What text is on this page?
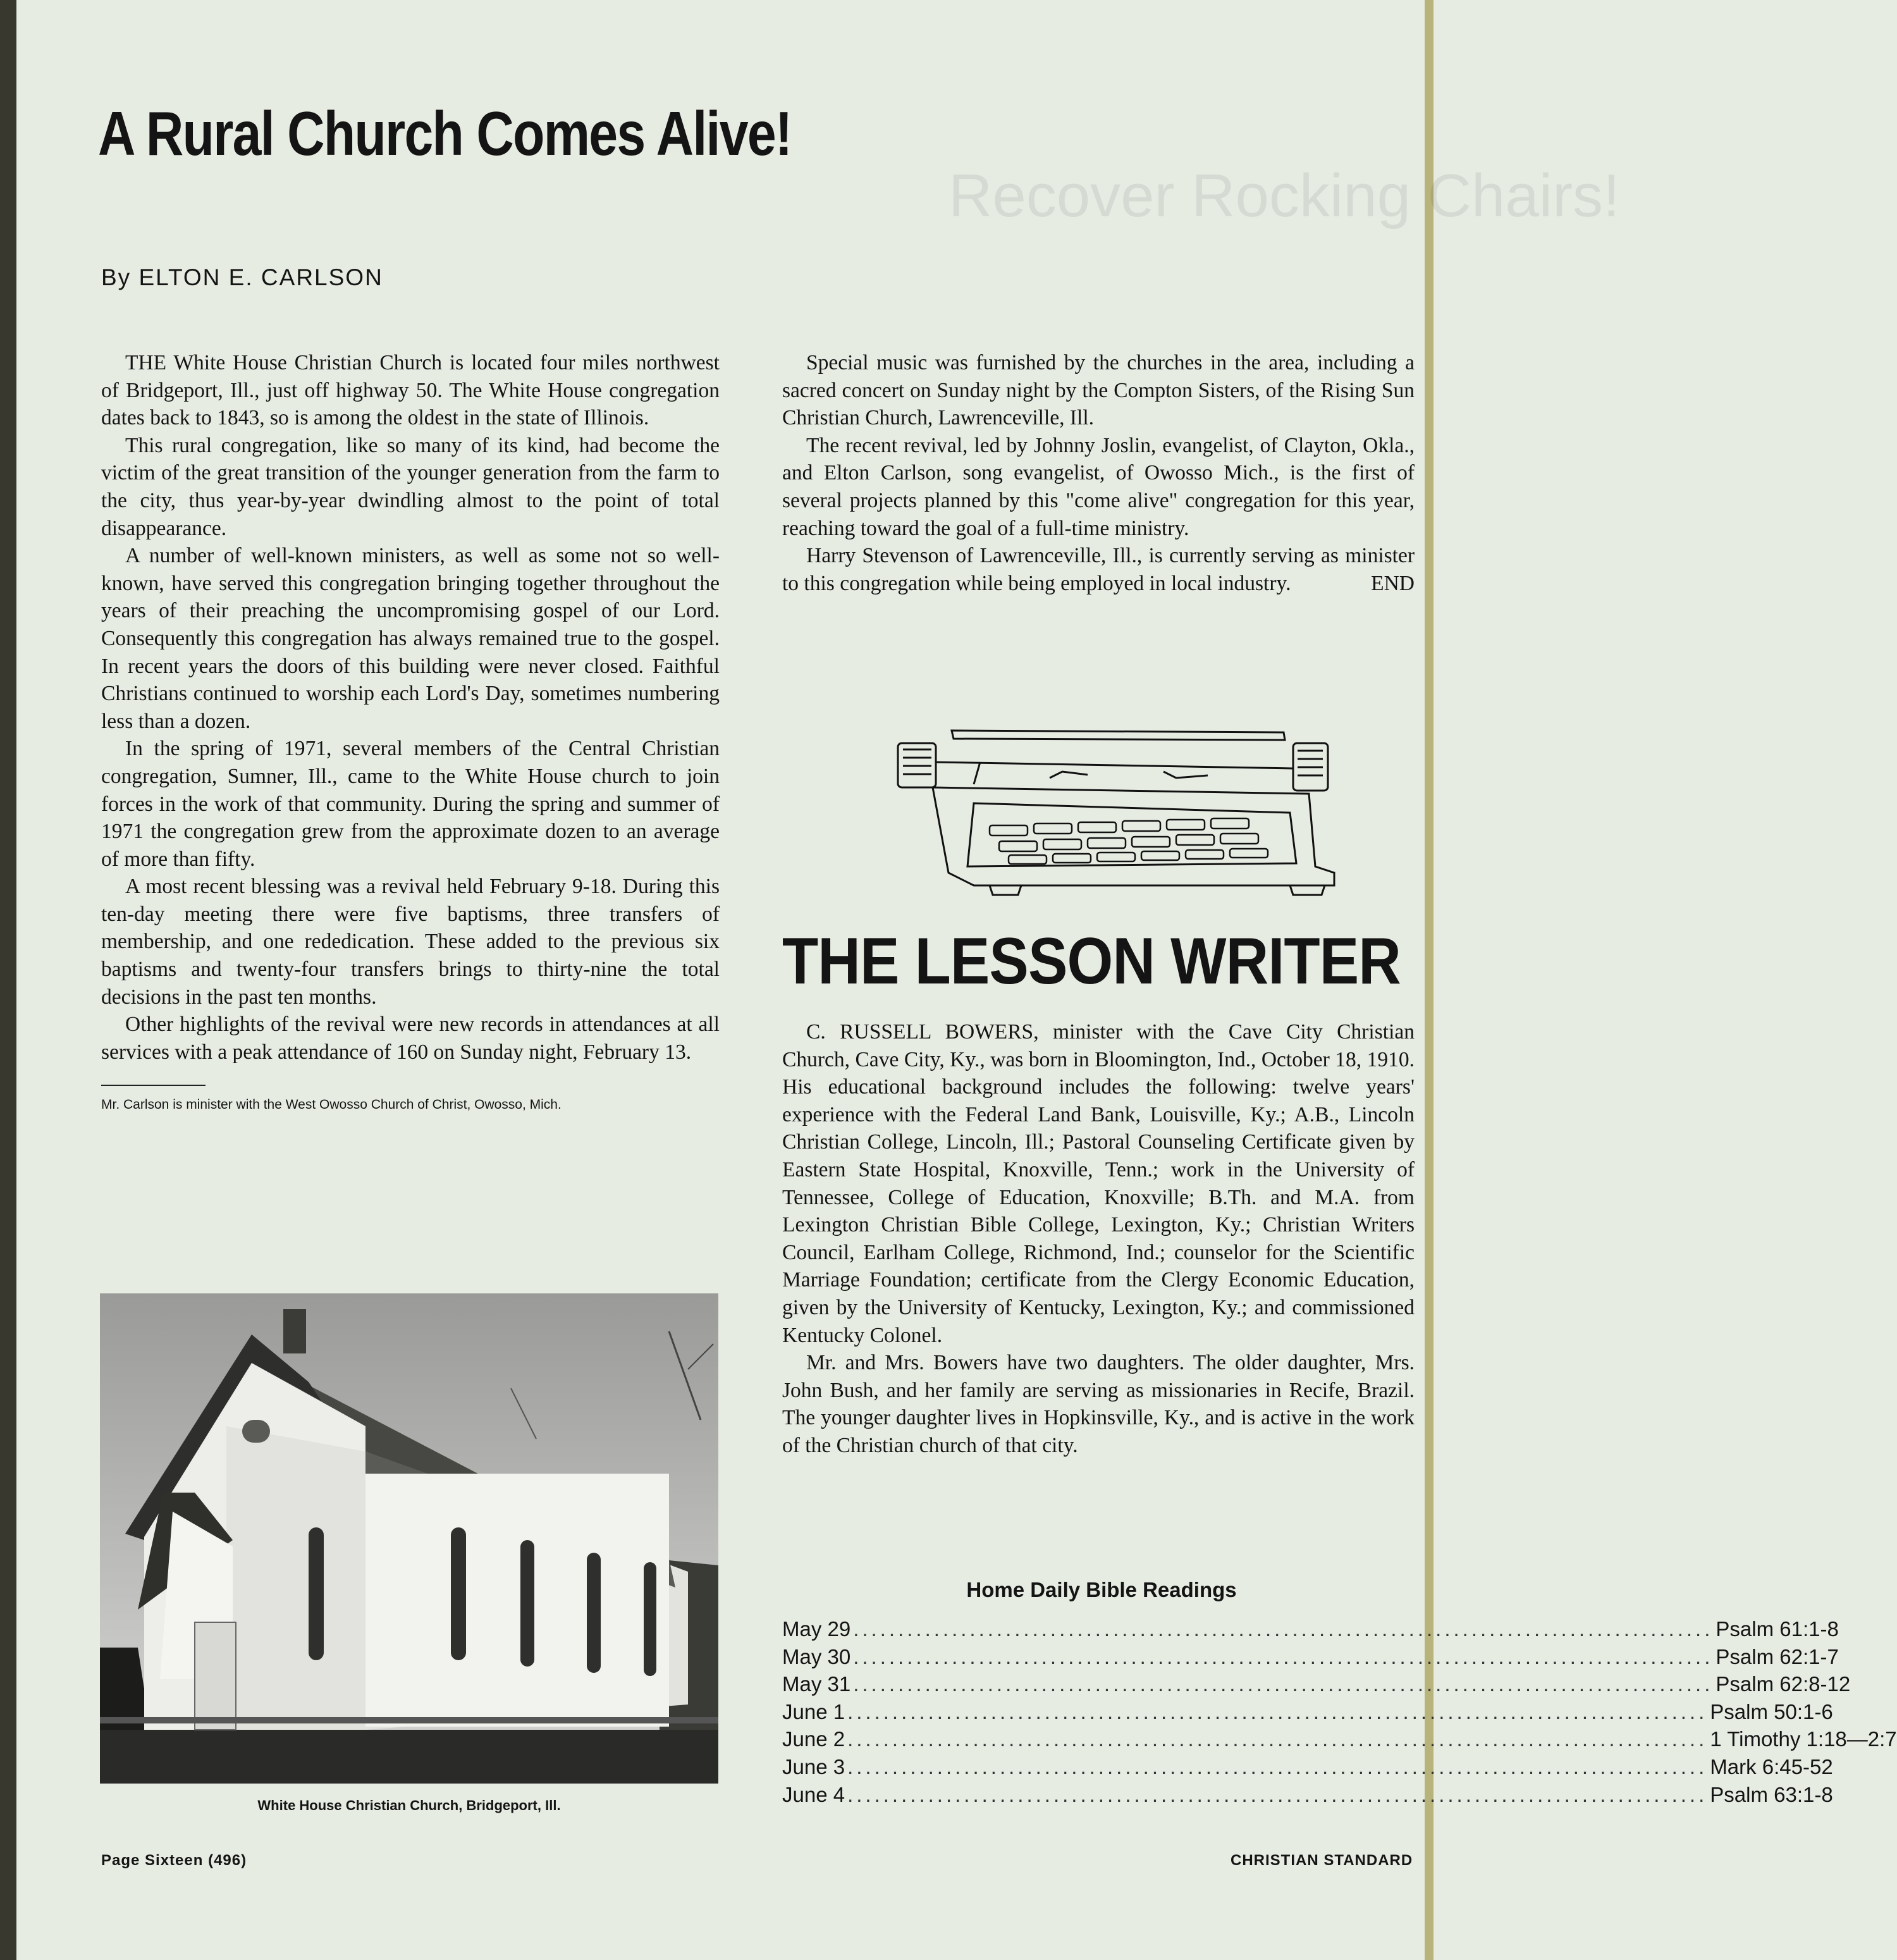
Recover Rocking Chairs!
A Rural Church Comes Alive!
By ELTON E. CARLSON

THE White House Christian Church is located four miles northwest of Bridgeport, Ill., just off highway 50. The White House congregation dates back to 1843, so is among the oldest in the state of Illinois.

This rural congregation, like so many of its kind, had become the victim of the great transition of the younger generation from the farm to the city, thus year-by-year dwindling almost to the point of total disappearance.

A number of well-known ministers, as well as some not so well-known, have served this congregation bringing together throughout the years of their preaching the uncompromising gospel of our Lord. Consequently this congregation has always remained true to the gospel. In recent years the doors of this building were never closed. Faithful Christians continued to worship each Lord's Day, sometimes numbering less than a dozen.

In the spring of 1971, several members of the Central Christian congregation, Sumner, Ill., came to the White House church to join forces in the work of that community. During the spring and summer of 1971 the congregation grew from the approximate dozen to an average of more than fifty.

A most recent blessing was a revival held February 9-18. During this ten-day meeting there were five baptisms, three transfers of membership, and one rededication. These added to the previous six baptisms and twenty-four transfers brings to thirty-nine the total decisions in the past ten months.

Other highlights of the revival were new records in attendances at all services with a peak attendance of 160 on Sunday night, February 13.

Mr. Carlson is minister with the West Owosso Church of Christ, Owosso, Mich.

White House Christian Church, Bridgeport, Ill.

Special music was furnished by the churches in the area, including a sacred concert on Sunday night by the Compton Sisters, of the Rising Sun Christian Church, Lawrenceville, Ill.

The recent revival, led by Johnny Joslin, evangelist, of Clayton, Okla., and Elton Carlson, song evangelist, of Owosso Mich., is the first of several projects planned by this "come alive" congregation for this year, reaching toward the goal of a full-time ministry.

Harry Stevenson of Lawrenceville, Ill., is currently serving as minister to this congregation while being employed in local industry.	END

THE LESSON WRITER

C. RUSSELL BOWERS, minister with the Cave City Christian Church, Cave City, Ky., was born in Bloomington, Ind., October 18, 1910. His educational background includes the following: twelve years' experience with the Federal Land Bank, Louisville, Ky.; A.B., Lincoln Christian College, Lincoln, Ill.; Pastoral Counseling Certificate given by Eastern State Hospital, Knoxville, Tenn.; work in the University of Tennessee, College of Education, Knoxville; B.Th. and M.A. from Lexington Christian Bible College, Lexington, Ky.; Christian Writers Council, Earlham College, Richmond, Ind.; counselor for the Scientific Marriage Foundation; certificate from the Clergy Economic Education, given by the University of Kentucky, Lexington, Ky.; and commissioned Kentucky Colonel.

Mr. and Mrs. Bowers have two daughters. The older daughter, Mrs. John Bush, and her family are serving as missionaries in Recife, Brazil. The younger daughter lives in Hopkinsville, Ky., and is active in the work of the Christian church of that city.

Home Daily Bible Readings
May 29 .....	Psalm 61:1-8
May 30 .....	Psalm 62:1-7
May 31 .....	Psalm 62:8-12
June 1 .....	Psalm 50:1-6
June 2 .....	1 Timothy 1:18—2:7
June 3 .....	Mark 6:45-52
June 4 .....	Psalm 63:1-8
Page Sixteen (496)	CHRISTIAN STANDARD
